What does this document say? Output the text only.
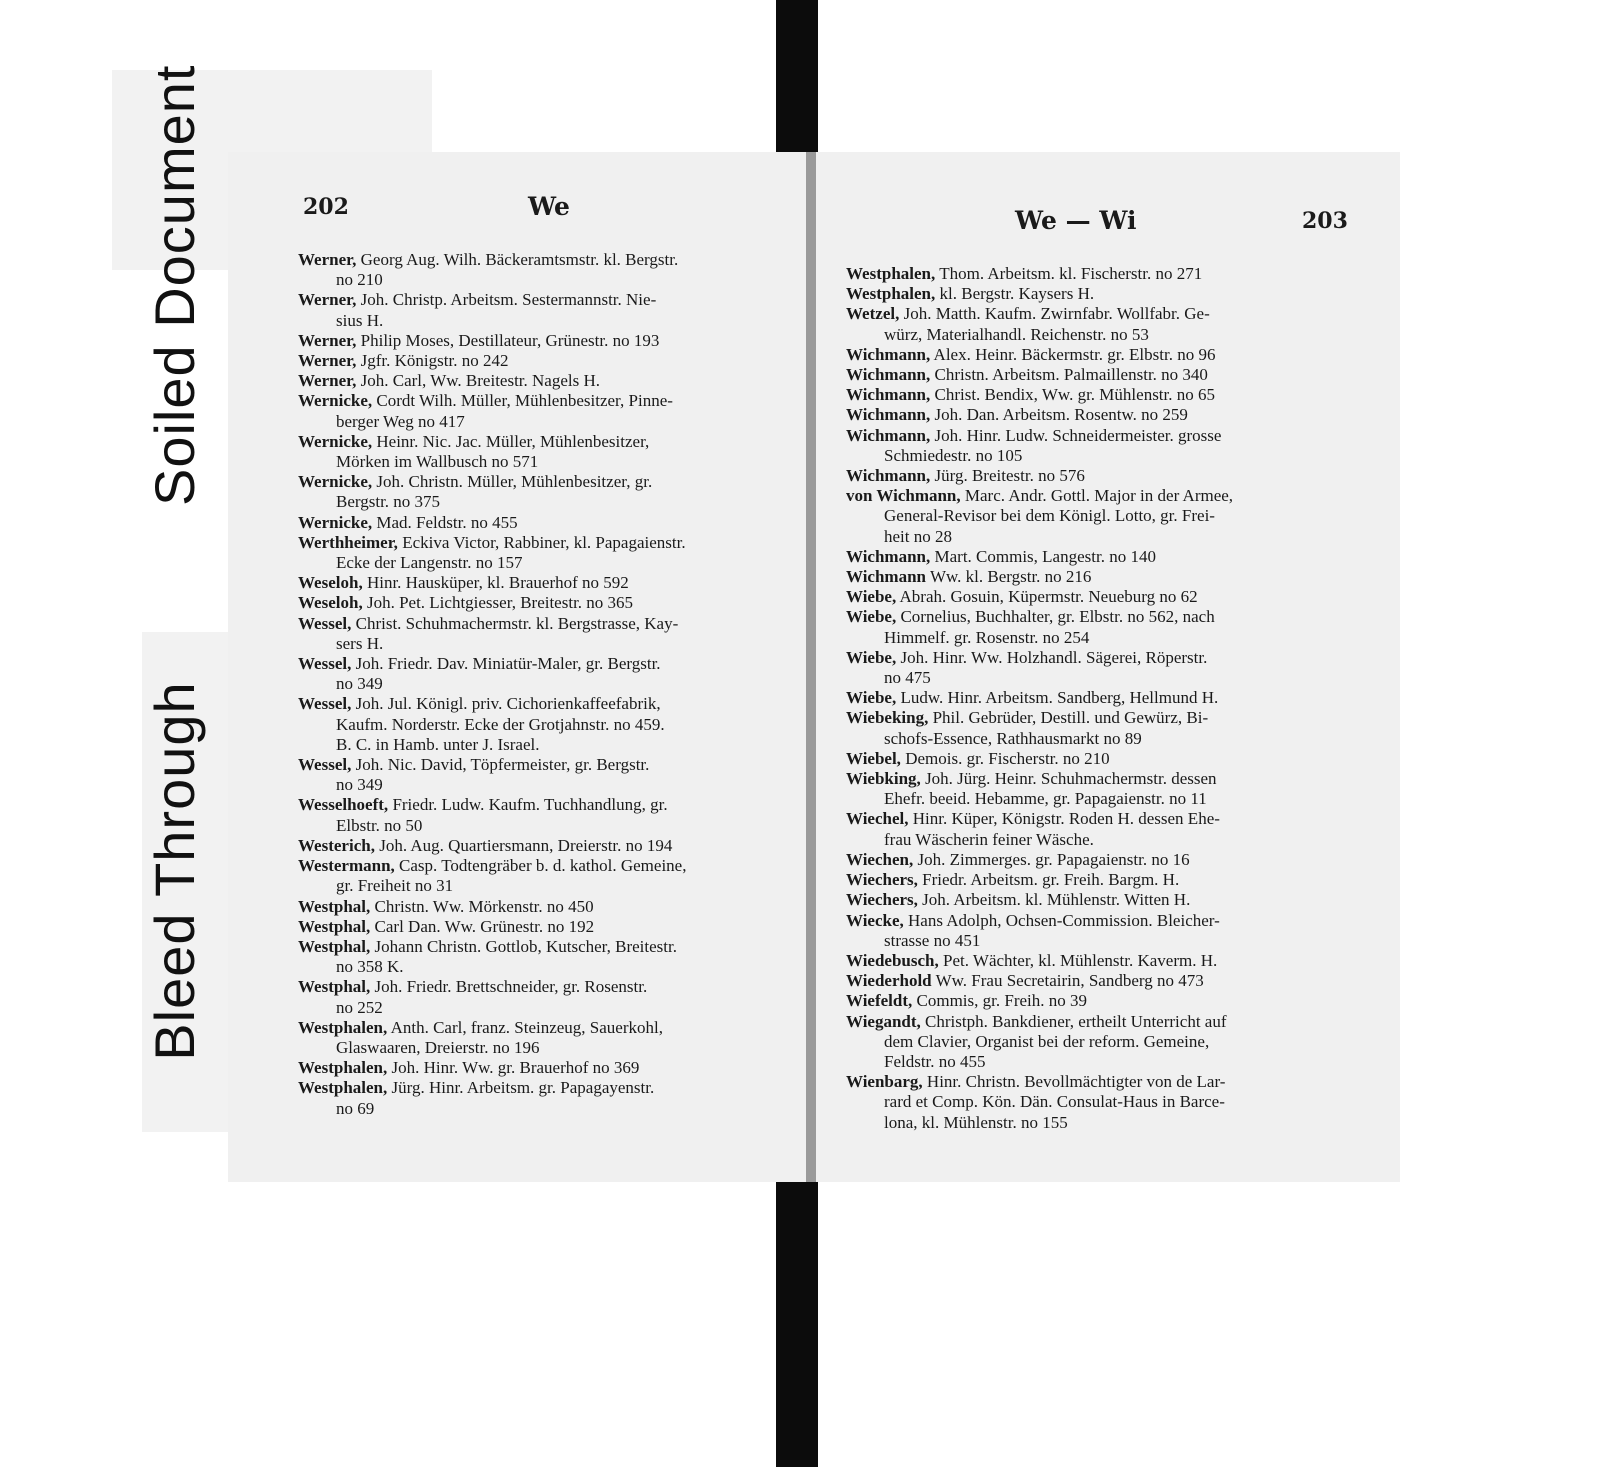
Soiled Document
Bleed Through
202	We
Werner, Georg Aug. Wilh. Bäckeramtsmstr. kl. Bergstr.
no 210
Werner, Joh. Christp. Arbeitsm. Sestermannstr. Nie-
sius H.
Werner, Philip Moses, Destillateur, Grünestr. no 193
Werner, Jgfr. Königstr. no 242
Werner, Joh. Carl, Ww. Breitestr. Nagels H.
Wernicke, Cordt Wilh. Müller, Mühlenbesitzer, Pinne-
berger Weg no 417
Wernicke, Heinr. Nic. Jac. Müller, Mühlenbesitzer,
Mörken im Wallbusch no 571
Wernicke, Joh. Christn. Müller, Mühlenbesitzer, gr.
Bergstr. no 375
Wernicke, Mad. Feldstr. no 455
Werthheimer, Eckiva Victor, Rabbiner, kl. Papagaienstr.
Ecke der Langenstr. no 157
Weseloh, Hinr. Hausküper, kl. Brauerhof no 592
Weseloh, Joh. Pet. Lichtgiesser, Breitestr. no 365
Wessel, Christ. Schuhmachermstr. kl. Bergstrasse, Kay-
sers H.
Wessel, Joh. Friedr. Dav. Miniatür-Maler, gr. Bergstr.
no 349
Wessel, Joh. Jul. Königl. priv. Cichorienkaffeefabrik,
Kaufm. Norderstr. Ecke der Grotjahnstr. no 459.
B. C. in Hamb. unter J. Israel.
Wessel, Joh. Nic. David, Töpfermeister, gr. Bergstr.
no 349
Wesselhoeft, Friedr. Ludw. Kaufm. Tuchhandlung, gr.
Elbstr. no 50
Westerich, Joh. Aug. Quartiersmann, Dreierstr. no 194
Westermann, Casp. Todtengräber b. d. kathol. Gemeine,
gr. Freiheit no 31
Westphal, Christn. Ww. Mörkenstr. no 450
Westphal, Carl Dan. Ww. Grünestr. no 192
Westphal, Johann Christn. Gottlob, Kutscher, Breitestr.
no 358 K.
Westphal, Joh. Friedr. Brettschneider, gr. Rosenstr.
no 252
Westphalen, Anth. Carl, franz. Steinzeug, Sauerkohl,
Glaswaaren, Dreierstr. no 196
Westphalen, Joh. Hinr. Ww. gr. Brauerhof no 369
Westphalen, Jürg. Hinr. Arbeitsm. gr. Papagayenstr.
no 69
We — Wi	203
Westphalen, Thom. Arbeitsm. kl. Fischerstr. no 271
Westphalen, kl. Bergstr. Kaysers H.
Wetzel, Joh. Matth. Kaufm. Zwirnfabr. Wollfabr. Ge-
würz, Materialhandl. Reichenstr. no 53
Wichmann, Alex. Heinr. Bäckermstr. gr. Elbstr. no 96
Wichmann, Christn. Arbeitsm. Palmaillenstr. no 340
Wichmann, Christ. Bendix, Ww. gr. Mühlenstr. no 65
Wichmann, Joh. Dan. Arbeitsm. Rosentw. no 259
Wichmann, Joh. Hinr. Ludw. Schneidermeister. grosse
Schmiedestr. no 105
Wichmann, Jürg. Breitestr. no 576
von Wichmann, Marc. Andr. Gottl. Major in der Armee,
General-Revisor bei dem Königl. Lotto, gr. Frei-
heit no 28
Wichmann, Mart. Commis, Langestr. no 140
Wichmann Ww. kl. Bergstr. no 216
Wiebe, Abrah. Gosuin, Küpermstr. Neueburg no 62
Wiebe, Cornelius, Buchhalter, gr. Elbstr. no 562, nach
Himmelf. gr. Rosenstr. no 254
Wiebe, Joh. Hinr. Ww. Holzhandl. Sägerei, Röperstr.
no 475
Wiebe, Ludw. Hinr. Arbeitsm. Sandberg, Hellmund H.
Wiebeking, Phil. Gebrüder, Destill. und Gewürz, Bi-
schofs-Essence, Rathhausmarkt no 89
Wiebel, Demois. gr. Fischerstr. no 210
Wiebking, Joh. Jürg. Heinr. Schuhmachermstr. dessen
Ehefr. beeid. Hebamme, gr. Papagaienstr. no 11
Wiechel, Hinr. Küper, Königstr. Roden H. dessen Ehe-
frau Wäscherin feiner Wäsche.
Wiechen, Joh. Zimmerges. gr. Papagaienstr. no 16
Wiechers, Friedr. Arbeitsm. gr. Freih. Bargm. H.
Wiechers, Joh. Arbeitsm. kl. Mühlenstr. Witten H.
Wiecke, Hans Adolph, Ochsen-Commission. Bleicher-
strasse no 451
Wiedebusch, Pet. Wächter, kl. Mühlenstr. Kaverm. H.
Wiederhold Ww. Frau Secretairin, Sandberg no 473
Wiefeldt, Commis, gr. Freih. no 39
Wiegandt, Christph. Bankdiener, ertheilt Unterricht auf
dem Clavier, Organist bei der reform. Gemeine,
Feldstr. no 455
Wienbarg, Hinr. Christn. Bevollmächtigter von de Lar-
rard et Comp. Kön. Dän. Consulat-Haus in Barce-
lona, kl. Mühlenstr. no 155
